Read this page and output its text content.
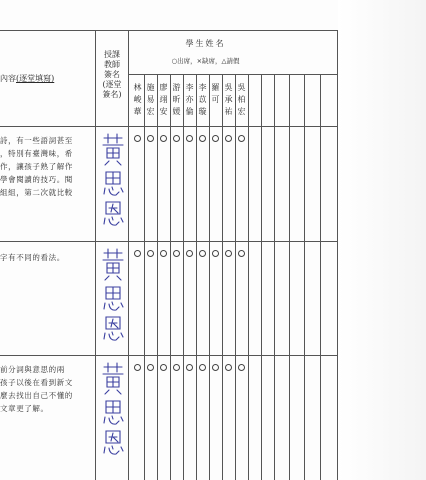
內容(逐堂填寫)
授課
教師
簽名
(逐堂
簽名)
學生姓名
○出席，×缺席，△請假
林
峻
葦
施
易
宏
廖
翊
安
游
昕
媛
李
亦
倫
李
苡
璇
羅
可

吳
承
祐
吳
柏
宏
詩，有一些語詞甚至
，特別有臺灣味，希
作，讓孩子熟了解作
學會閱讀的技巧。閱
組組，第二次就比較
字有不同的看法。
前分詞與意思的兩
孩子以後在看到新文
麼去找出自己不懂的
文章更了解。
